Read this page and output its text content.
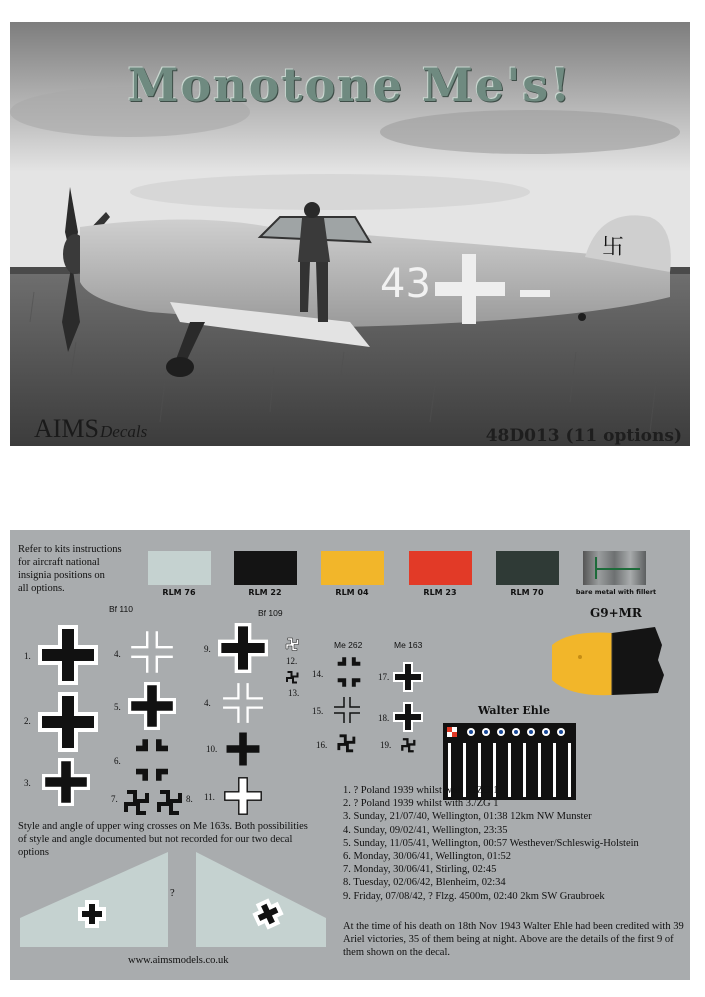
卐
43
Monotone Me's!
AIMSDecals	48D013 (11 options)
Refer to kits instructions
for aircraft national
insignia positions on
all options.	RLM 76	RLM 22	RLM 04	RLM 23	RLM 70	bare metal with fillert
Bf 110	Bf 109
Me 262	Me 163
1.
2.
3.
4.
5.
6.
7.	8.
9.
4.
10.
11.
12.
13.
14.
15.
16.
17.
18.
19.
G9+MR
Walter Ehle
Style and angle of upper wing crosses on Me 163s. Both possibilities of style and angle documented but not recorded for our two decal options
?
www.aimsmodels.co.uk
1. ? Poland 1939 whilst with 3./ZG 1
2. ? Poland 1939 whilst with 3./ZG 1
3. Sunday, 21/07/40, Wellington, 01:38 12km NW Munster
4. Sunday, 09/02/41, Wellington, 23:35
5. Sunday, 11/05/41, Wellington, 00:57 Westhever/Schleswig-Holstein
6. Monday, 30/06/41, Wellington, 01:52
7. Monday, 30/06/41, Stirling, 02:45
8. Tuesday, 02/06/42, Blenheim, 02:34
9. Friday, 07/08/42, ? Flzg. 4500m, 02:40 2km SW Graubroek
At the time of his death on 18th Nov 1943 Walter Ehle had been credited with 39 Ariel victories, 35 of them being at night. Above are the details of the first 9 of them shown on the decal.
